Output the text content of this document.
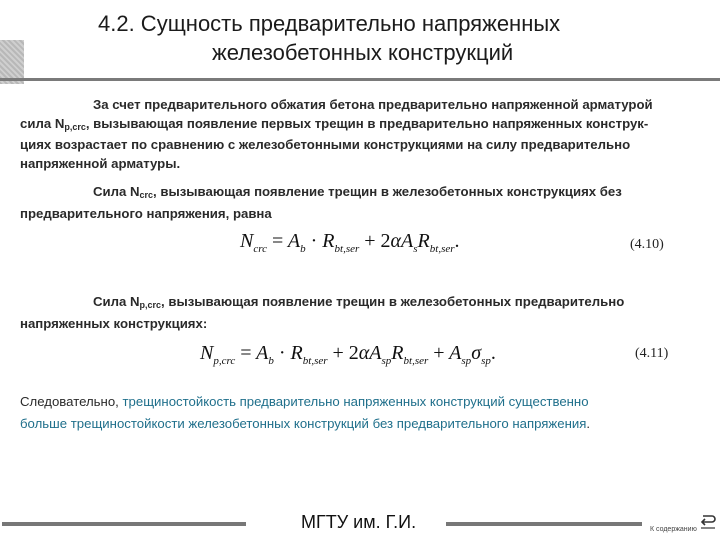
4.2. Сущность предварительно напряженных
железобетонных конструкций
За счет предварительного обжатия бетона предварительно напряженной арматурой
сила $N_{p,crc}$, вызывающая появление первых трещин в предварительно напряженных конструк-
циях возрастает по сравнению с железобетонными конструкциями на силу предварительно
напряженной арматуры.
Сила $N_{crc}$, вызывающая появление трещин в железобетонных конструкциях без
предварительного напряжения, равна
$N_{crc} = A_b \cdot R_{bt,ser} + 2\alpha A_sR_{bt,ser}$.	(4.10)
Сила $N_{p,crc}$, вызывающая появление трещин в железобетонных предварительно
напряженных конструкциях:
$N_{p,crc} = A_b \cdot R_{bt,ser} + 2\alpha A_{sp}R_{bt,ser} + A_{sp}\sigma_{sp}$.	(4.11)
Следовательно, трещиностойкость предварительно напряженных конструкций существенно
больше трещиностойкости железобетонных конструкций без предварительного напряжения.
МГТУ им. Г.И.	К содержанию
